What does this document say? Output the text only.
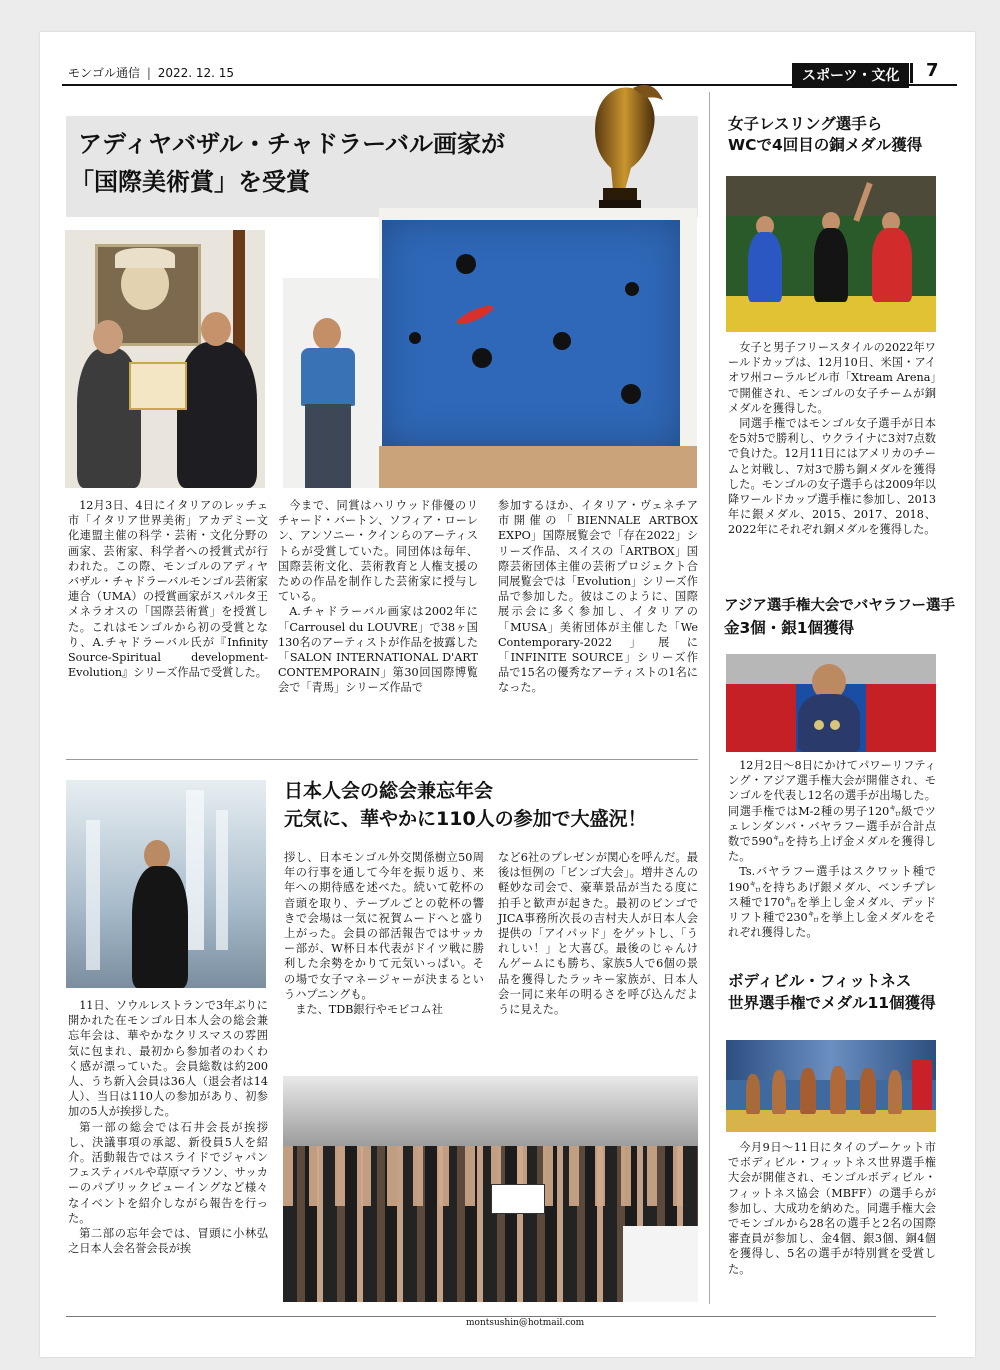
モンゴル通信 | 2022. 12. 15	スポーツ・文化	7
アディヤバザル・チャドラーバル画家が
「国際美術賞」を受賞

12月3日、4日にイタリアのレッチェ市「イタリア世界美術」アカデミー文化連盟主催の科学・芸術・文化分野の画家、芸術家、科学者への授賞式が行われた。この際、モンゴルのアディヤバザル・チャドラーバルモンゴル芸術家連合（UMA）の授賞画家がスパルタ王メネラオスの「国際芸術賞」を授賞した。これはモンゴルから初の受賞となり、A.チャドラーバル氏が『Infinity Source-Spiritual development-Evolution』シリーズ作品で受賞した。

今まで、同賞はハリウッド俳優のリチャード・バートン、ソフィア・ローレン、アンソニー・クインらのアーティストらが受賞していた。同団体は毎年、国際芸術文化、芸術教育と人権支援のための作品を制作した芸術家に授与している。

A.チャドラーバル画家は2002年に「Carrousel du LOUVRE」で38ヶ国130名のアーティストが作品を披露した「SALON INTERNATIONAL D'ART CONTEMPORAIN」第30回国際博覧会で「青馬」シリーズ作品で

参加するほか、イタリア・ヴェネチア市開催の「BIENNALE ARTBOX EXPO」国際展覧会で「存在2022」シリーズ作品、スイスの「ARTBOX」国際芸術団体主催の芸術プロジェクト合同展覧会では「Evolution」シリーズ作品で参加した。彼はこのように、国際展示会に多く参加し、イタリアの「MUSA」美術団体が主催した「We Contemporary-2022」展に「INFINITE SOURCE」シリーズ作品で15名の優秀なアーティストの1名になった。

日本人会の総会兼忘年会
元気に、華やかに110人の参加で大盛況！

11日、ソウルレストランで3年ぶりに開かれた在モンゴル日本人会の総会兼忘年会は、華やかなクリスマスの雰囲気に包まれ、最初から参加者のわくわく感が漂っていた。会員総数は約200人、うち新入会員は36人（退会者は14人）、当日は110人の参加があり、初参加の5人が挨拶した。

第一部の総会では石井会長が挨拶し、決議事項の承認、新役員5人を紹介。活動報告ではスライドでジャパンフェスティバルや草原マラソン、サッカーのパブリックビューイングなど様々なイベントを紹介しながら報告を行った。

第二部の忘年会では、冒頭に小林弘之日本人会名誉会長が挨

拶し、日本モンゴル外交関係樹立50周年の行事を通して今年を振り返り、来年への期待感を述べた。続いて乾杯の音頭を取り、テーブルごとの乾杯の響きで会場は一気に祝賀ムードへと盛り上がった。会員の部活報告ではサッカー部が、W杯日本代表がドイツ戦に勝利した余勢をかりて元気いっぱい。その場で女子マネージャーが決まるというハプニングも。

また、TDB銀行やモビコム社

など6社のプレゼンが関心を呼んだ。最後は恒例の「ビンゴ大会」。増井さんの軽妙な司会で、豪華景品が当たる度に拍手と歓声が起きた。最初のビンゴでJICA事務所次長の吉村夫人が日本人会提供の「アイパッド」をゲットし、「うれしい！」と大喜び。最後のじゃんけんゲームにも勝ち、家族5人で6個の景品を獲得したラッキー家族が、日本人会一同に来年の明るさを呼び込んだように見えた。

女子レスリング選手ら
WCで4回目の銅メダル獲得

女子と男子フリースタイルの2022年ワールドカップは、12月10日、米国・アイオワ州コーラルビル市「Xtream Arena」で開催され、モンゴルの女子チームが銅メダルを獲得した。

同選手権ではモンゴル女子選手が日本を5対5で勝利し、ウクライナに3対7点数で負けた。12月11日にはアメリカのチームと対戦し、7対3で勝ち銅メダルを獲得した。モンゴルの女子選手らは2009年以降ワールドカップ選手権に参加し、2013年に銀メダル、2015、2017、2018、2022年にそれぞれ銅メダルを獲得した。

アジア選手権大会でバヤラフー選手
金3個・銀1個獲得

12月2日～8日にかけてパワーリフティング・アジア選手権大会が開催され、モンゴルを代表し12名の選手が出場した。同選手権ではM-2種の男子120㌔級でツェレンダンバ・バヤラフー選手が合計点数で590㌔を持ち上げ金メダルを獲得した。

Ts.バヤラフー選手はスクワット種で190㌔を持ちあげ銀メダル、ベンチプレス種で170㌔を挙上し金メダル、デッドリフト種で230㌔を挙上し金メダルをそれぞれ獲得した。

ボディビル・フィットネス
世界選手権でメダル11個獲得

今月9日～11日にタイのプーケット市でボディビル・フィットネス世界選手権大会が開催され、モンゴルボディビル・フィットネス協会（MBFF）の選手らが参加し、大成功を納めた。同選手権大会でモンゴルから28名の選手と2名の国際審査員が参加し、金4個、銀3個、銅4個を獲得し、5名の選手が特別賞を受賞した。

montsushin@hotmail.com
